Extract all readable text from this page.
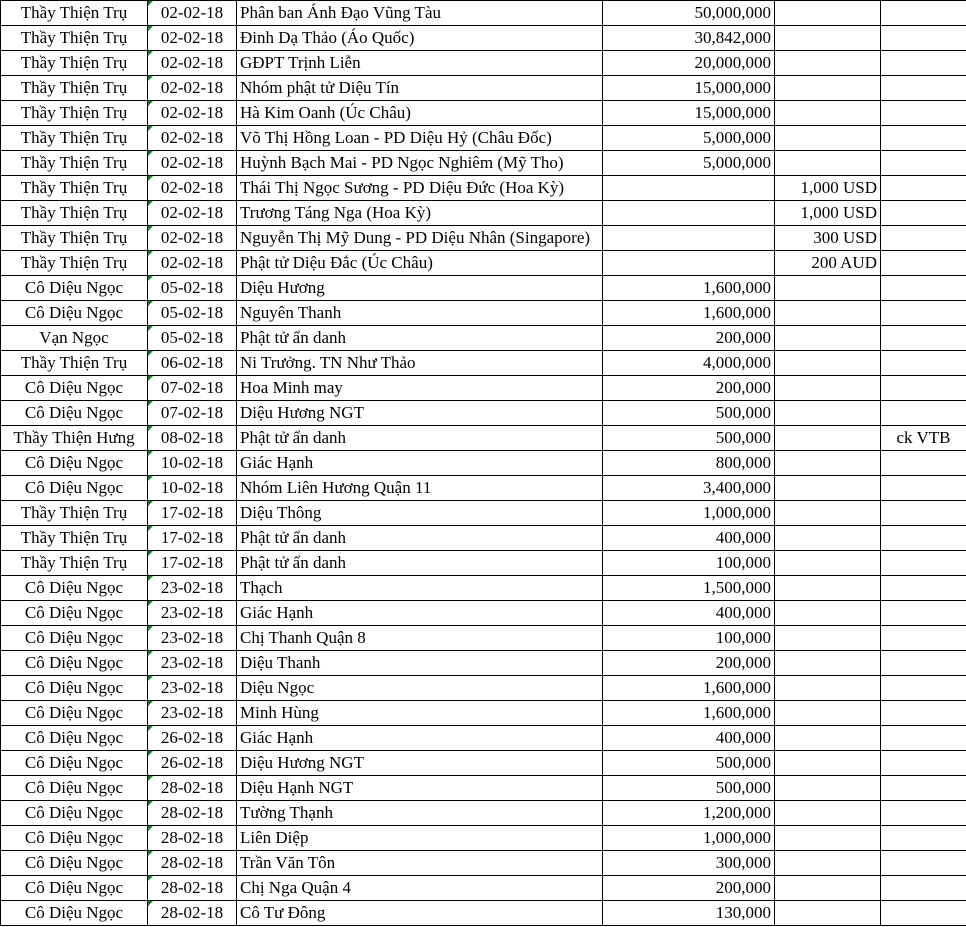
Thầy Thiện Trụ	02-02-18	Phân ban Ánh Đạo Vũng Tàu	50,000,000		
Thầy Thiện Trụ	02-02-18	Đinh Dạ Thảo (Áo Quốc)	30,842,000		
Thầy Thiện Trụ	02-02-18	GĐPT Trịnh Liễn	20,000,000		
Thầy Thiện Trụ	02-02-18	Nhóm phật tử Diệu Tín	15,000,000		
Thầy Thiện Trụ	02-02-18	Hà Kim Oanh (Úc Châu)	15,000,000		
Thầy Thiện Trụ	02-02-18	Võ Thị Hồng Loan - PD Diệu Hỷ (Châu Đốc)	5,000,000		
Thầy Thiện Trụ	02-02-18	Huỳnh Bạch Mai - PD Ngọc Nghiêm (Mỹ Tho)	5,000,000		
Thầy Thiện Trụ	02-02-18	Thái Thị Ngọc Sương - PD Diệu Đức (Hoa Kỳ)		1,000 USD	
Thầy Thiện Trụ	02-02-18	Trương Táng Nga (Hoa Kỳ)		1,000 USD	
Thầy Thiện Trụ	02-02-18	Nguyễn Thị Mỹ Dung - PD Diệu Nhân (Singapore)		300 USD	
Thầy Thiện Trụ	02-02-18	Phật tử Diệu Đắc (Úc Châu)		200 AUD	
Cô Diệu Ngọc	05-02-18	Diệu Hương	1,600,000		
Cô Diệu Ngọc	05-02-18	Nguyên Thanh	1,600,000		
Vạn Ngọc	05-02-18	Phật tử ẩn danh	200,000		
Thầy Thiện Trụ	06-02-18	Ni Trưởng. TN Như Thảo	4,000,000		
Cô Diệu Ngọc	07-02-18	Hoa Minh may	200,000		
Cô Diệu Ngọc	07-02-18	Diệu Hương NGT	500,000		
Thầy Thiện Hưng	08-02-18	Phật tử ẩn danh	500,000		ck VTB
Cô Diệu Ngọc	10-02-18	Giác Hạnh	800,000		
Cô Diệu Ngọc	10-02-18	Nhóm Liên Hương Quận 11	3,400,000		
Thầy Thiện Trụ	17-02-18	Diệu Thông	1,000,000		
Thầy Thiện Trụ	17-02-18	Phật tử ẩn danh	400,000		
Thầy Thiện Trụ	17-02-18	Phật tử ẩn danh	100,000		
Cô Diệu Ngọc	23-02-18	Thạch	1,500,000		
Cô Diệu Ngọc	23-02-18	Giác Hạnh	400,000		
Cô Diệu Ngọc	23-02-18	Chị Thanh Quận 8	100,000		
Cô Diệu Ngọc	23-02-18	Diệu Thanh	200,000		
Cô Diệu Ngọc	23-02-18	Diệu Ngọc	1,600,000		
Cô Diệu Ngọc	23-02-18	Minh Hùng	1,600,000		
Cô Diệu Ngọc	26-02-18	Giác Hạnh	400,000		
Cô Diệu Ngọc	26-02-18	Diệu Hương NGT	500,000		
Cô Diệu Ngọc	28-02-18	Diệu Hạnh NGT	500,000		
Cô Diệu Ngọc	28-02-18	Tường Thạnh	1,200,000		
Cô Diệu Ngọc	28-02-18	Liên Diệp	1,000,000		
Cô Diệu Ngọc	28-02-18	Trần Văn Tôn	300,000		
Cô Diệu Ngọc	28-02-18	Chị Nga Quận 4	200,000		
Cô Diệu Ngọc	28-02-18	Cô Tư Đông	130,000		
